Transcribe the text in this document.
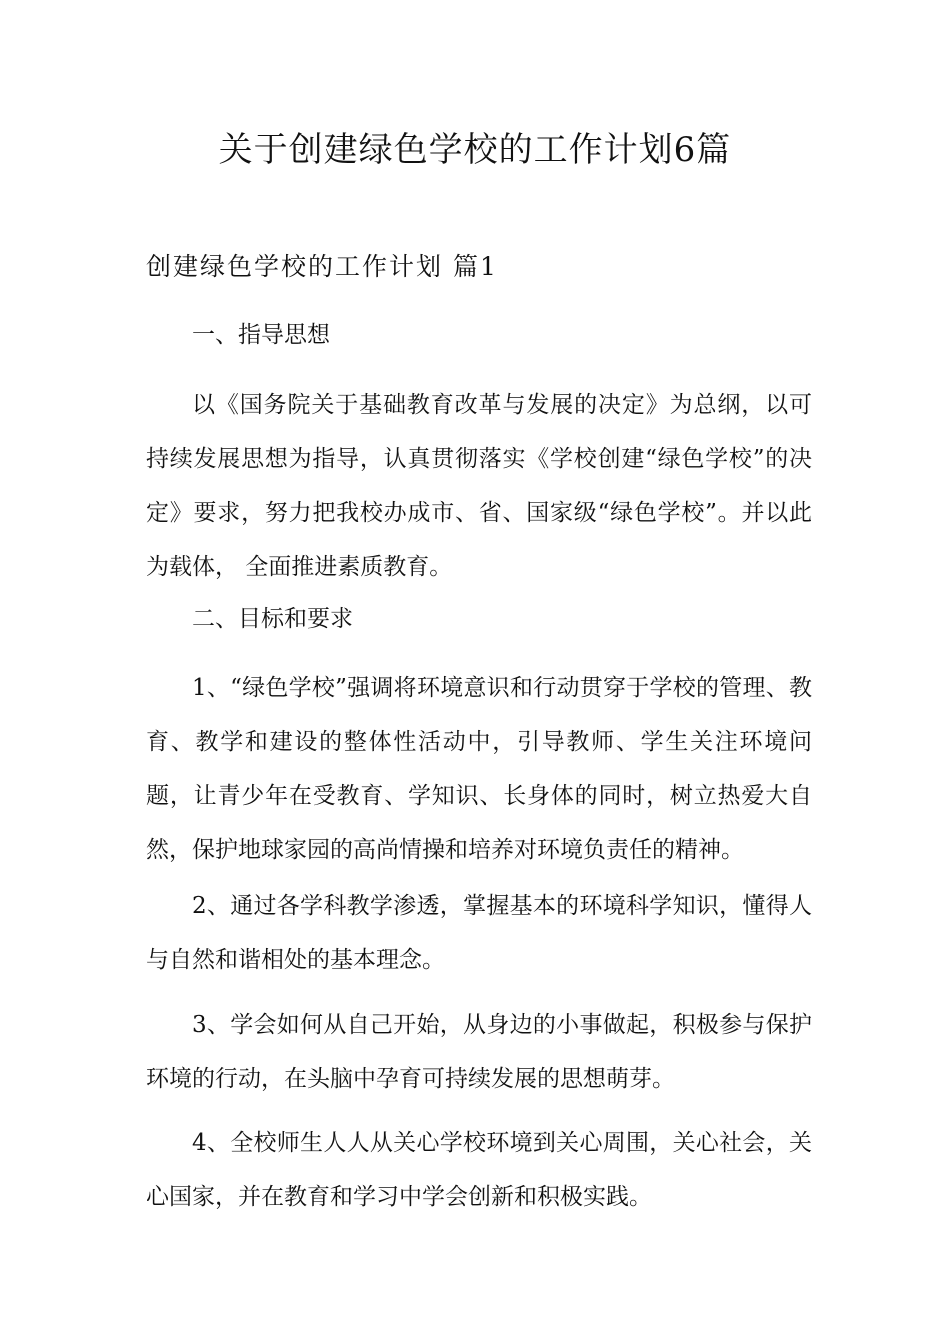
关于创建绿色学校的工作计划6篇
创建绿色学校的工作计划 篇1

一、指导思想

以《国务院关于基础教育改革与发展的决定》为总纲，以可持续发展思想为指导，认真贯彻落实《学校创建“绿色学校”的决定》要求，努力把我校办成市、省、国家级“绿色学校”。并以此为载体， 全面推进素质教育。

二、目标和要求

1、“绿色学校”强调将环境意识和行动贯穿于学校的管理、教育、教学和建设的整体性活动中，引导教师、学生关注环境问题，让青少年在受教育、学知识、长身体的同时，树立热爱大自然，保护地球家园的高尚情操和培养对环境负责任的精神。

2、通过各学科教学渗透，掌握基本的环境科学知识，懂得人与自然和谐相处的基本理念。

3、学会如何从自己开始，从身边的小事做起，积极参与保护环境的行动，在头脑中孕育可持续发展的思想萌芽。

4、全校师生人人从关心学校环境到关心周围，关心社会，关心国家，并在教育和学习中学会创新和积极实践。
